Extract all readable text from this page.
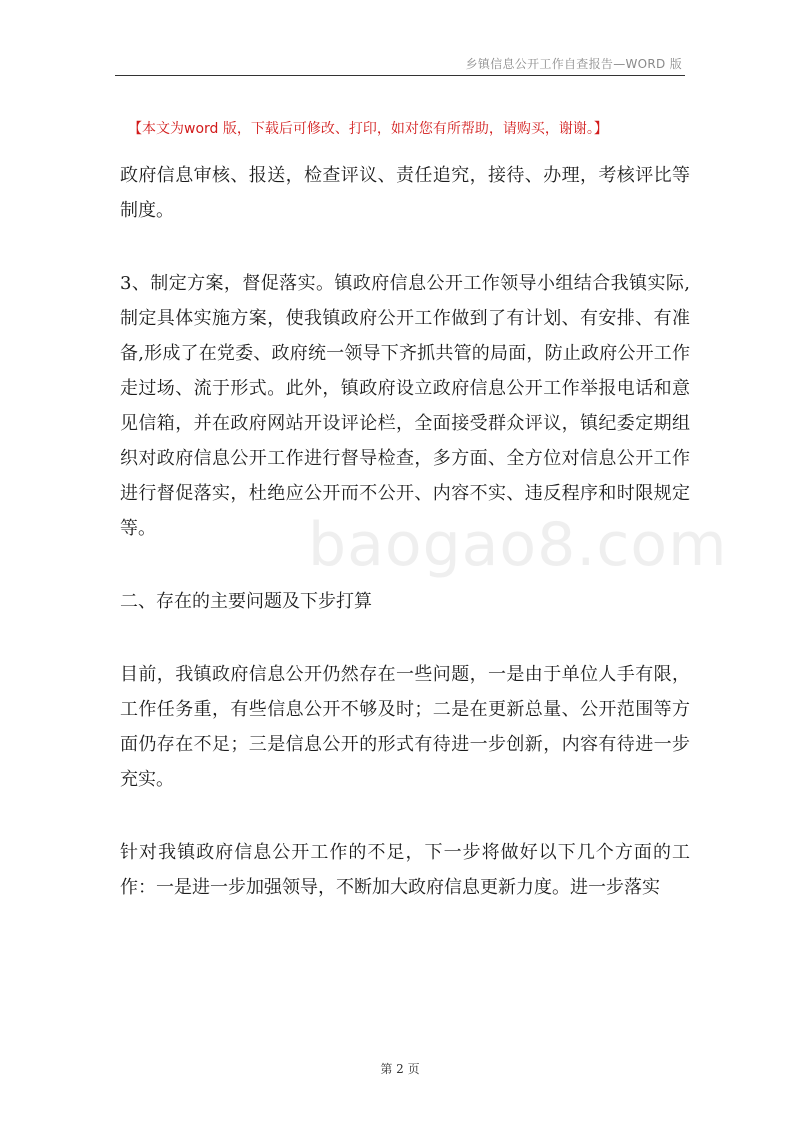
乡镇信息公开工作自查报告—WORD 版
【本文为word 版，下载后可修改、打印，如对您有所帮助，请购买，谢谢。】
baogao8.com

政府信息审核、报送，检查评议、责任追究，接待、办理，考核评比等制度。

3、制定方案，督促落实。镇政府信息公开工作领导小组结合我镇实际,制定具体实施方案，使我镇政府公开工作做到了有计划、有安排、有准备,形成了在党委、政府统一领导下齐抓共管的局面，防止政府公开工作走过场、流于形式。此外，镇政府设立政府信息公开工作举报电话和意见信箱，并在政府网站开设评论栏，全面接受群众评议，镇纪委定期组织对政府信息公开工作进行督导检查，多方面、全方位对信息公开工作进行督促落实，杜绝应公开而不公开、内容不实、违反程序和时限规定等。

二、存在的主要问题及下步打算

目前，我镇政府信息公开仍然存在一些问题，一是由于单位人手有限，工作任务重，有些信息公开不够及时；二是在更新总量、公开范围等方面仍存在不足；三是信息公开的形式有待进一步创新，内容有待进一步充实。

针对我镇政府信息公开工作的不足，下一步将做好以下几个方面的工作：一是进一步加强领导，不断加大政府信息更新力度。进一步落实

第 2 页
